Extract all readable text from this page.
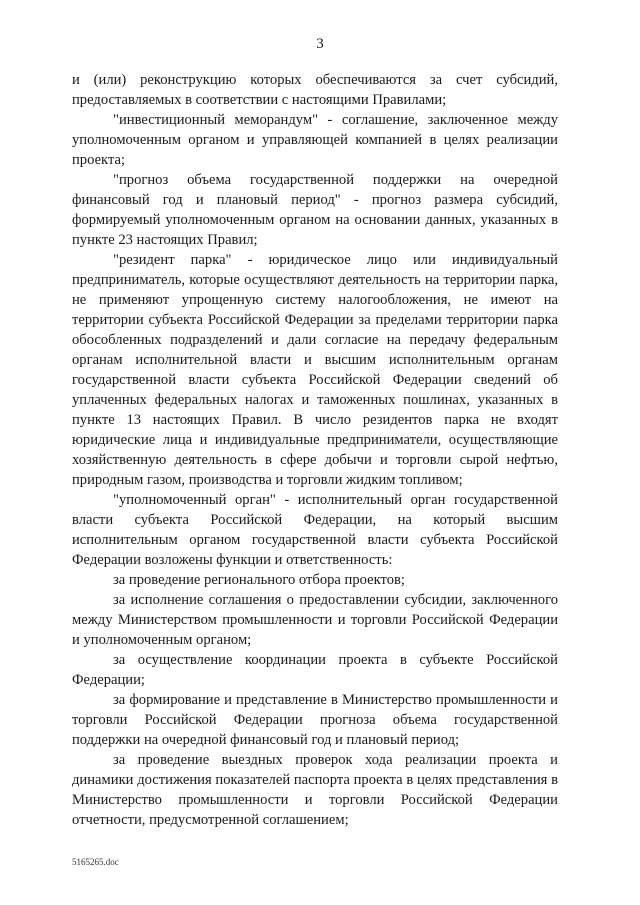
3

и (или) реконструкцию которых обеспечиваются за счет субсидий, предоставляемых в соответствии с настоящими Правилами;

"инвестиционный меморандум" - соглашение, заключенное между уполномоченным органом и управляющей компанией в целях реализации проекта;

"прогноз объема государственной поддержки на очередной финансовый год и плановый период" - прогноз размера субсидий, формируемый уполномоченным органом на основании данных, указанных в пункте 23 настоящих Правил;

"резидент парка" - юридическое лицо или индивидуальный предприниматель, которые осуществляют деятельность на территории парка, не применяют упрощенную систему налогообложения, не имеют на территории субъекта Российской Федерации за пределами территории парка обособленных подразделений и дали согласие на передачу федеральным органам исполнительной власти и высшим исполнительным органам государственной власти субъекта Российской Федерации сведений об уплаченных федеральных налогах и таможенных пошлинах, указанных в пункте 13 настоящих Правил. В число резидентов парка не входят юридические лица и индивидуальные предприниматели, осуществляющие хозяйственную деятельность в сфере добычи и торговли сырой нефтью, природным газом, производства и торговли жидким топливом;

"уполномоченный орган" - исполнительный орган государственной власти субъекта Российской Федерации, на который высшим исполнительным органом государственной власти субъекта Российской Федерации возложены функции и ответственность:

за проведение регионального отбора проектов;

за исполнение соглашения о предоставлении субсидии, заключенного между Министерством промышленности и торговли Российской Федерации и уполномоченным органом;

за осуществление координации проекта в субъекте Российской Федерации;

за формирование и представление в Министерство промышленности и торговли Российской Федерации прогноза объема государственной поддержки на очередной финансовый год и плановый период;

за проведение выездных проверок хода реализации проекта и динамики достижения показателей паспорта проекта в целях представления в Министерство промышленности и торговли Российской Федерации отчетности, предусмотренной соглашением;

5165265.doc
